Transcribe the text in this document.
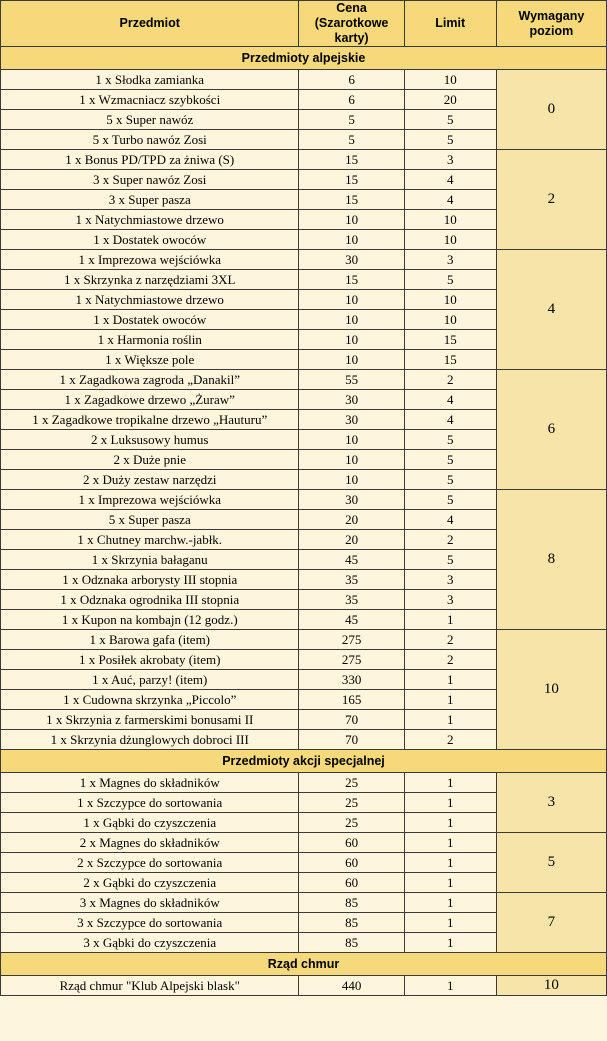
Przedmiot	Cena
(Szarotkowe
karty)	Limit	Wymagany poziom
Przedmioty alpejskie			
1 x Słodka zamianka	6	10	0
1 x Wzmacniacz szybkości	6	20	
5 x Super nawóz	5	5	
5 x Turbo nawóz Zosi	5	5	
1 x Bonus PD/TPD za żniwa (S)	15	3	2
3 x Super nawóz Zosi	15	4	
3 x Super pasza	15	4	
1 x Natychmiastowe drzewo	10	10	
1 x Dostatek owoców	10	10	
1 x Imprezowa wejściówka	30	3	4
1 x Skrzynka z narzędziami 3XL	15	5	
1 x Natychmiastowe drzewo	10	10	
1 x Dostatek owoców	10	10	
1 x Harmonia roślin	10	15	
1 x Większe pole	10	15	
1 x Zagadkowa zagroda „Danakil”	55	2	6
1 x Zagadkowe drzewo „Żuraw”	30	4	
1 x Zagadkowe tropikalne drzewo „Hauturu”	30	4	
2 x Luksusowy humus	10	5	
2 x Duże pnie	10	5	
2 x Duży zestaw narzędzi	10	5	
1 x Imprezowa wejściówka	30	5	8
5 x Super pasza	20	4	
1 x Chutney marchw.-jabłk.	20	2	
1 x Skrzynia bałaganu	45	5	
1 x Odznaka arborysty III stopnia	35	3	
1 x Odznaka ogrodnika III stopnia	35	3	
1 x Kupon na kombajn (12 godz.)	45	1	
1 x Barowa gafa (item)	275	2	10
1 x Posiłek akrobaty (item)	275	2	
1 x Auć, parzy! (item)	330	1	
1 x Cudowna skrzynka „Piccolo”	165	1	
1 x Skrzynia z farmerskimi bonusami II	70	1	
1 x Skrzynia dżunglowych dobroci III	70	2	
Przedmioty akcji specjalnej			
1 x Magnes do składników	25	1	3
1 x Szczypce do sortowania	25	1	
1 x Gąbki do czyszczenia	25	1	
2 x Magnes do składników	60	1	5
2 x Szczypce do sortowania	60	1	
2 x Gąbki do czyszczenia	60	1	
3 x Magnes do składników	85	1	7
3 x Szczypce do sortowania	85	1	
3 x Gąbki do czyszczenia	85	1	
Rząd chmur			
Rząd chmur "Klub Alpejski blask"	440	1	10
